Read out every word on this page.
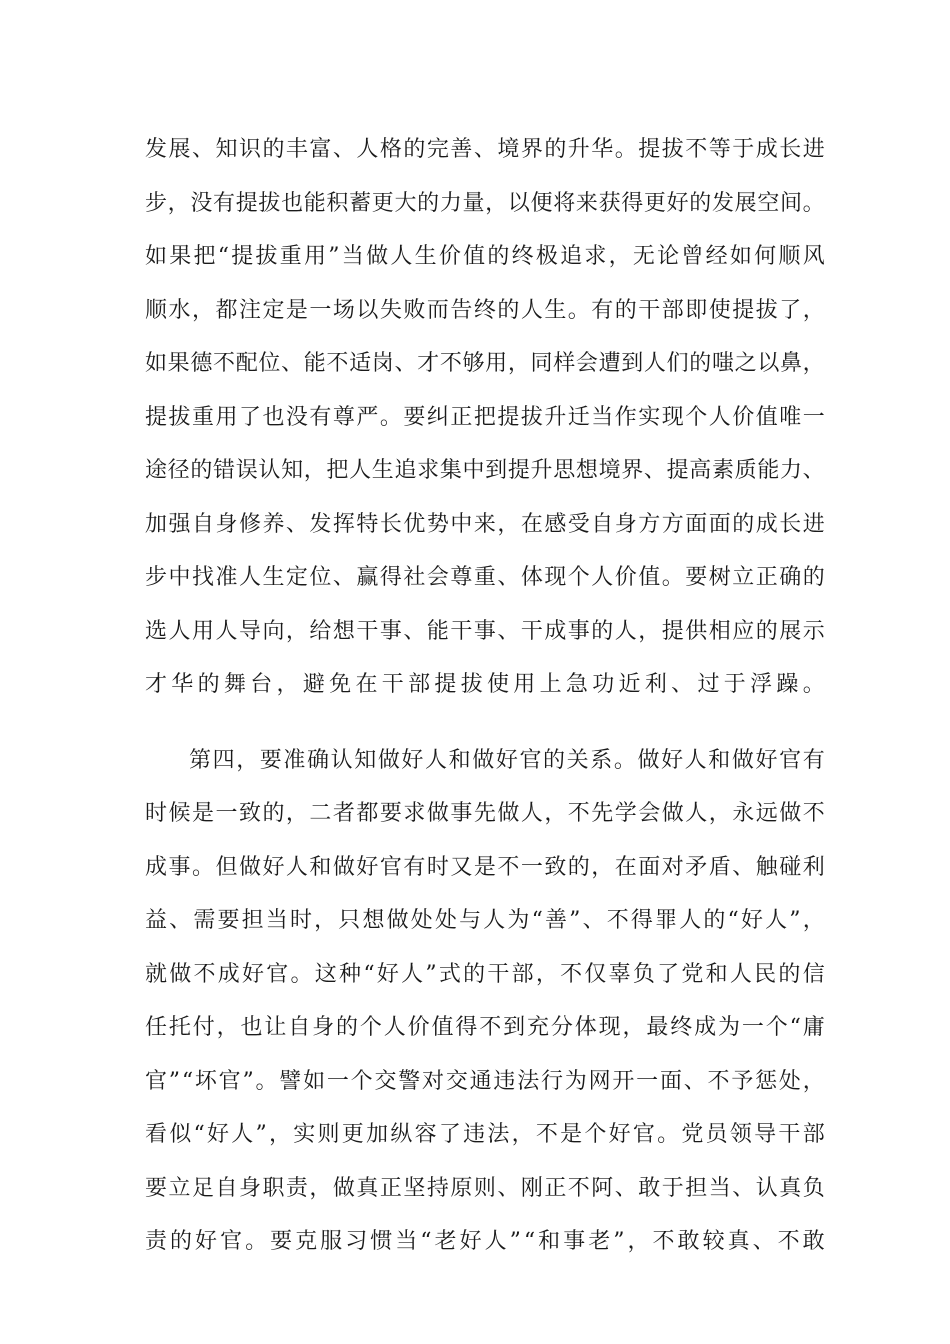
发展、知识的丰富、人格的完善、境界的升华。提拔不等于成长进
步，没有提拔也能积蓄更大的力量，以便将来获得更好的发展空间。
如果把“提拔重用”当做人生价值的终极追求，无论曾经如何顺风
顺水，都注定是一场以失败而告终的人生。有的干部即使提拔了，
如果德不配位、能不适岗、才不够用，同样会遭到人们的嗤之以鼻，
提拔重用了也没有尊严。要纠正把提拔升迁当作实现个人价值唯一
途径的错误认知，把人生追求集中到提升思想境界、提高素质能力、
加强自身修养、发挥特长优势中来，在感受自身方方面面的成长进
步中找准人生定位、赢得社会尊重、体现个人价值。要树立正确的
选人用人导向，给想干事、能干事、干成事的人，提供相应的展示
才华的舞台，避免在干部提拔使用上急功近利、过于浮躁。
第四，要准确认知做好人和做好官的关系。做好人和做好官有
时候是一致的，二者都要求做事先做人，不先学会做人，永远做不
成事。但做好人和做好官有时又是不一致的，在面对矛盾、触碰利
益、需要担当时，只想做处处与人为“善”、不得罪人的“好人”，
就做不成好官。这种“好人”式的干部，不仅辜负了党和人民的信
任托付，也让自身的个人价值得不到充分体现，最终成为一个“庸
官”“坏官”。譬如一个交警对交通违法行为网开一面、不予惩处，
看似“好人”，实则更加纵容了违法，不是个好官。党员领导干部
要立足自身职责，做真正坚持原则、刚正不阿、敢于担当、认真负
责的好官。要克服习惯当“老好人”“和事老”，不敢较真、不敢
